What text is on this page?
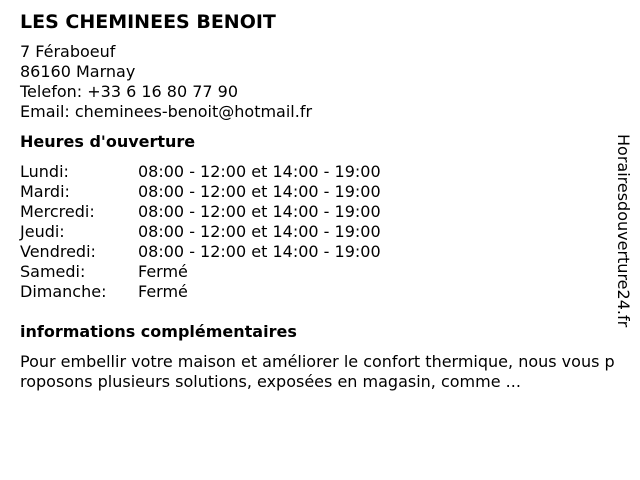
LES CHEMINEES BENOIT
7 Féraboeuf
86160 Marnay
Telefon: +33 6 16 80 77 90
Email: cheminees-benoit@hotmail.fr
Heures d'ouverture
Lundi:	08:00 - 12:00 et 14:00 - 19:00
Mardi:	08:00 - 12:00 et 14:00 - 19:00
Mercredi:	08:00 - 12:00 et 14:00 - 19:00
Jeudi:	08:00 - 12:00 et 14:00 - 19:00
Vendredi:	08:00 - 12:00 et 14:00 - 19:00
Samedi:	Fermé
Dimanche:	Fermé
informations complémentaires
Pour embellir votre maison et améliorer le confort thermique, nous vous proposons plusieurs solutions, exposées en magasin, comme ...
Horairesdouverture24.fr
